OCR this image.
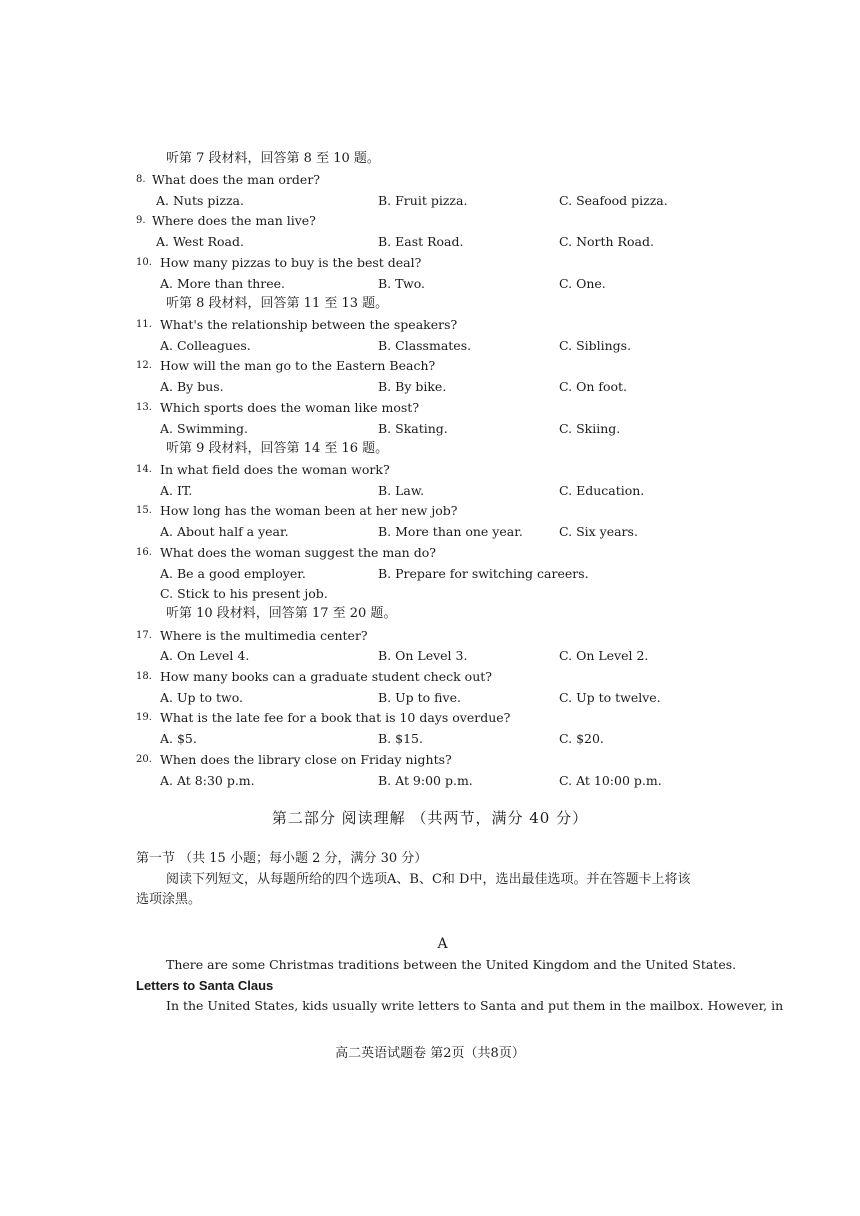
听第 7 段材料，回答第 8 至 10 题。
8. What does the man order?
A. Nuts pizza.	B. Fruit pizza.	C. Seafood pizza.
9. Where does the man live?
A. West Road.	B. East Road.	C. North Road.
10. How many pizzas to buy is the best deal?
A. More than three.	B. Two.	C. One.
听第 8 段材料，回答第 11 至 13 题。
11. What's the relationship between the speakers?
A. Colleagues.	B. Classmates.	C. Siblings.
12. How will the man go to the Eastern Beach?
A. By bus.	B. By bike.	C. On foot.
13. Which sports does the woman like most?
A. Swimming.	B. Skating.	C. Skiing.
听第 9 段材料，回答第 14 至 16 题。
14. In what field does the woman work?
A. IT.	B. Law.	C. Education.
15. How long has the woman been at her new job?
A. About half a year.	B. More than one year.	C. Six years.
16. What does the woman suggest the man do?
A. Be a good employer.	B. Prepare for switching careers.
C. Stick to his present job.
听第 10 段材料，回答第 17 至 20 题。
17. Where is the multimedia center?
A. On Level 4.	B. On Level 3.	C. On Level 2.
18. How many books can a graduate student check out?
A. Up to two.	B. Up to five.	C. Up to twelve.
19. What is the late fee for a book that is 10 days overdue?
A. $5.	B. $15.	C. $20.
20. When does the library close on Friday nights?
A. At 8:30 p.m.	B. At 9:00 p.m.	C. At 10:00 p.m.
第二部分 阅读理解 （共两节，满分 40 分）
第一节 （共 15 小题；每小题 2 分，满分 30 分）
阅读下列短文，从每题所给的四个选项A、B、C和 D中，选出最佳选项。并在答题卡上将该
选项涂黑。
A
There are some Christmas traditions between the United Kingdom and the United States.
Letters to Santa Claus
In the United States, kids usually write letters to Santa and put them in the mailbox. However, in
高二英语试题卷 第2页（共8页）
